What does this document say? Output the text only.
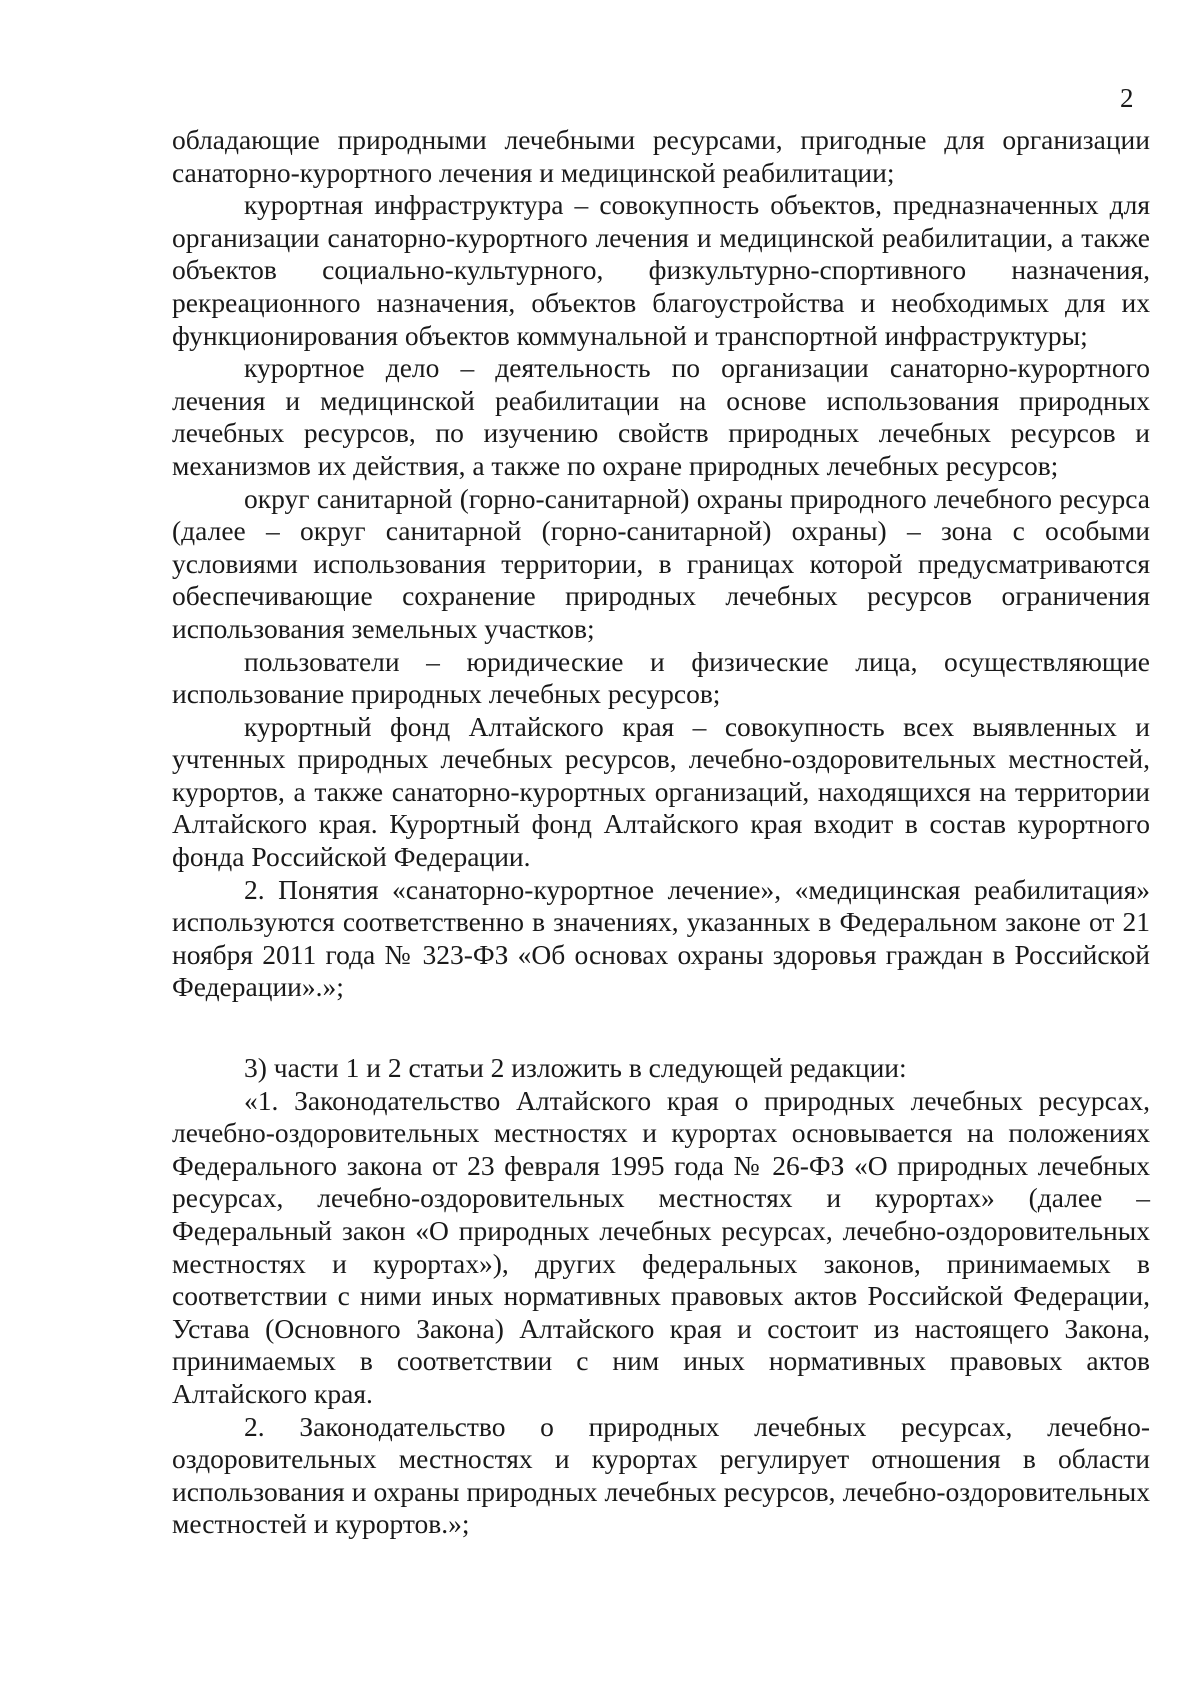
2

обладающие природными лечебными ресурсами, пригодные для организации санаторно-курортного лечения и медицинской реабилитации;

курортная инфраструктура – совокупность объектов, предназначенных для организации санаторно-курортного лечения и медицинской реабилитации, а также объектов социально-культурного, физкультурно-спортивного назначения, рекреационного назначения, объектов благоустройства и необходимых для их функционирования объектов коммунальной и транспортной инфраструктуры;

курортное дело – деятельность по организации санаторно-курортного лечения и медицинской реабилитации на основе использования природных лечебных ресурсов, по изучению свойств природных лечебных ресурсов и механизмов их действия, а также по охране природных лечебных ресурсов;

округ санитарной (горно-санитарной) охраны природного лечебного ресурса (далее – округ санитарной (горно-санитарной) охраны) – зона с особыми условиями использования территории, в границах которой предусматриваются обеспечивающие сохранение природных лечебных ресурсов ограничения использования земельных участков;

пользователи – юридические и физические лица, осуществляющие использование природных лечебных ресурсов;

курортный фонд Алтайского края – совокупность всех выявленных и учтенных природных лечебных ресурсов, лечебно-оздоровительных местностей, курортов, а также санаторно-курортных организаций, находящихся на территории Алтайского края. Курортный фонд Алтайского края входит в состав курортного фонда Российской Федерации.

2. Понятия «санаторно-курортное лечение», «медицинская реабилитация» используются соответственно в значениях, указанных в Федеральном законе от 21 ноября 2011 года № 323-ФЗ «Об основах охраны здоровья граждан в Российской Федерации».»;

3) части 1 и 2 статьи 2 изложить в следующей редакции:

«1. Законодательство Алтайского края о природных лечебных ресурсах, лечебно-оздоровительных местностях и курортах основывается на положениях Федерального закона от 23 февраля 1995 года № 26-ФЗ «О природных лечебных ресурсах, лечебно-оздоровительных местностях и курортах» (далее – Федеральный закон «О природных лечебных ресурсах, лечебно-оздоровительных местностях и курортах»), других федеральных законов, принимаемых в соответствии с ними иных нормативных правовых актов Российской Федерации, Устава (Основного Закона) Алтайского края и состоит из настоящего Закона, принимаемых в соответствии с ним иных нормативных правовых актов Алтайского края.

2. Законодательство о природных лечебных ресурсах, лечебно-оздоровительных местностях и курортах регулирует отношения в области использования и охраны природных лечебных ресурсов, лечебно-оздоровительных местностей и курортов.»;
